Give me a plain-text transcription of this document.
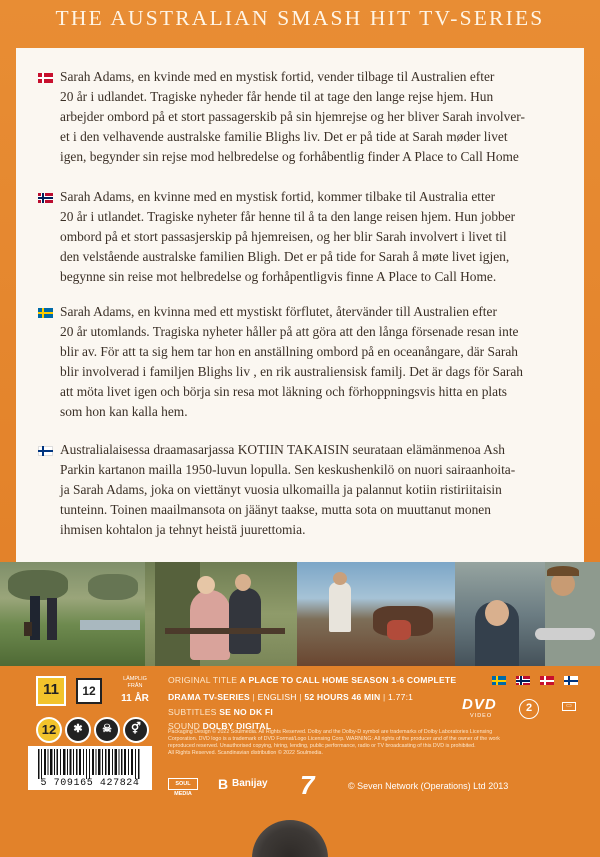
THE AUSTRALIAN SMASH HIT TV-SERIES
Sarah Adams, en kvinde med en mystisk fortid, vender tilbage til Australien efter
20 år i udlandet. Tragiske nyheder får hende til at tage den lange rejse hjem. Hun
arbejder ombord på et stort passagerskib på sin hjemrejse og her bliver Sarah involver-
et i den velhavende australske familie Blighs liv. Det er på tide at Sarah møder livet
igen, begynder sin rejse mod helbredelse og forhåbentlig finder A Place to Call Home
Sarah Adams, en kvinne med en mystisk fortid, kommer tilbake til Australia etter
20 år i utlandet. Tragiske nyheter får henne til å ta den lange reisen hjem. Hun jobber
ombord på et stort passasjerskip på hjemreisen, og her blir Sarah involvert i livet til
den velstående australske familien Bligh. Det er på tide for Sarah å møte livet igjen,
begynne sin reise mot helbredelse og forhåpentligvis finne A Place to Call Home.
Sarah Adams, en kvinna med ett mystiskt förflutet, återvänder till Australien efter
20 år utomlands. Tragiska nyheter håller på att göra att den långa försenade resan inte
blir av. För att ta sig hem tar hon en anställning ombord på en oceanångare, där Sarah
blir involverad i familjen Blighs liv , en rik australiensisk familj. Det är dags för Sarah
att möta livet igen och börja sin resa mot läkning och förhoppningsvis hitta en plats
som hon kan kalla hem.
Australialaisessa draamasarjassa KOTIIN TAKAISIN seurataan elämänmenoa Ash
Parkin kartanon mailla 1950-luvun lopulla. Sen keskushenkilö on nuori sairaanhoita-
ja Sarah Adams, joka on viettänyt vuosia ulkomailla ja palannut kotiin ristiriitaisin
tunteinn. Toinen maailmansota on jäänyt taakse, mutta sota on muuttanut monen
ihmisen kohtalon ja tehnyt heistä juurettomia.
11	12
LÄMPLIG FRÅN
11 ÅR
12	✱	☠	⚥
ORIGINAL TITLE A PLACE TO CALL HOME SEASON 1-6 COMPLETE
DRAMA TV-SERIES | ENGLISH | 52 HOURS 46 MIN | 1.77:1
SUBTITLES SE NO DK FI
SOUND DOLBY DIGITAL
DVD
VIDEO
2	▭
5 709165 427824	SOUL MEDIA
B Banijay 7	© Seven Network (Operations) Ltd 2013
Packaging Design © 2022 Soulmedia. All Rights Reserved. Dolby and the Dolby-D symbol are trademarks of Dolby Laboratories Licensing
Corporation. DVD logo is a trademark of DVD Format/Logo Licensing Corp. WARNING: All rights of the producer and of the owner of the work
reproduced reserved. Unauthorised copying, hiring, lending, public performance, radio or TV broadcasting of this DVD is prohibited.
All Rights Reserved. Scandinavian distribution © 2022 Soulmedia.
